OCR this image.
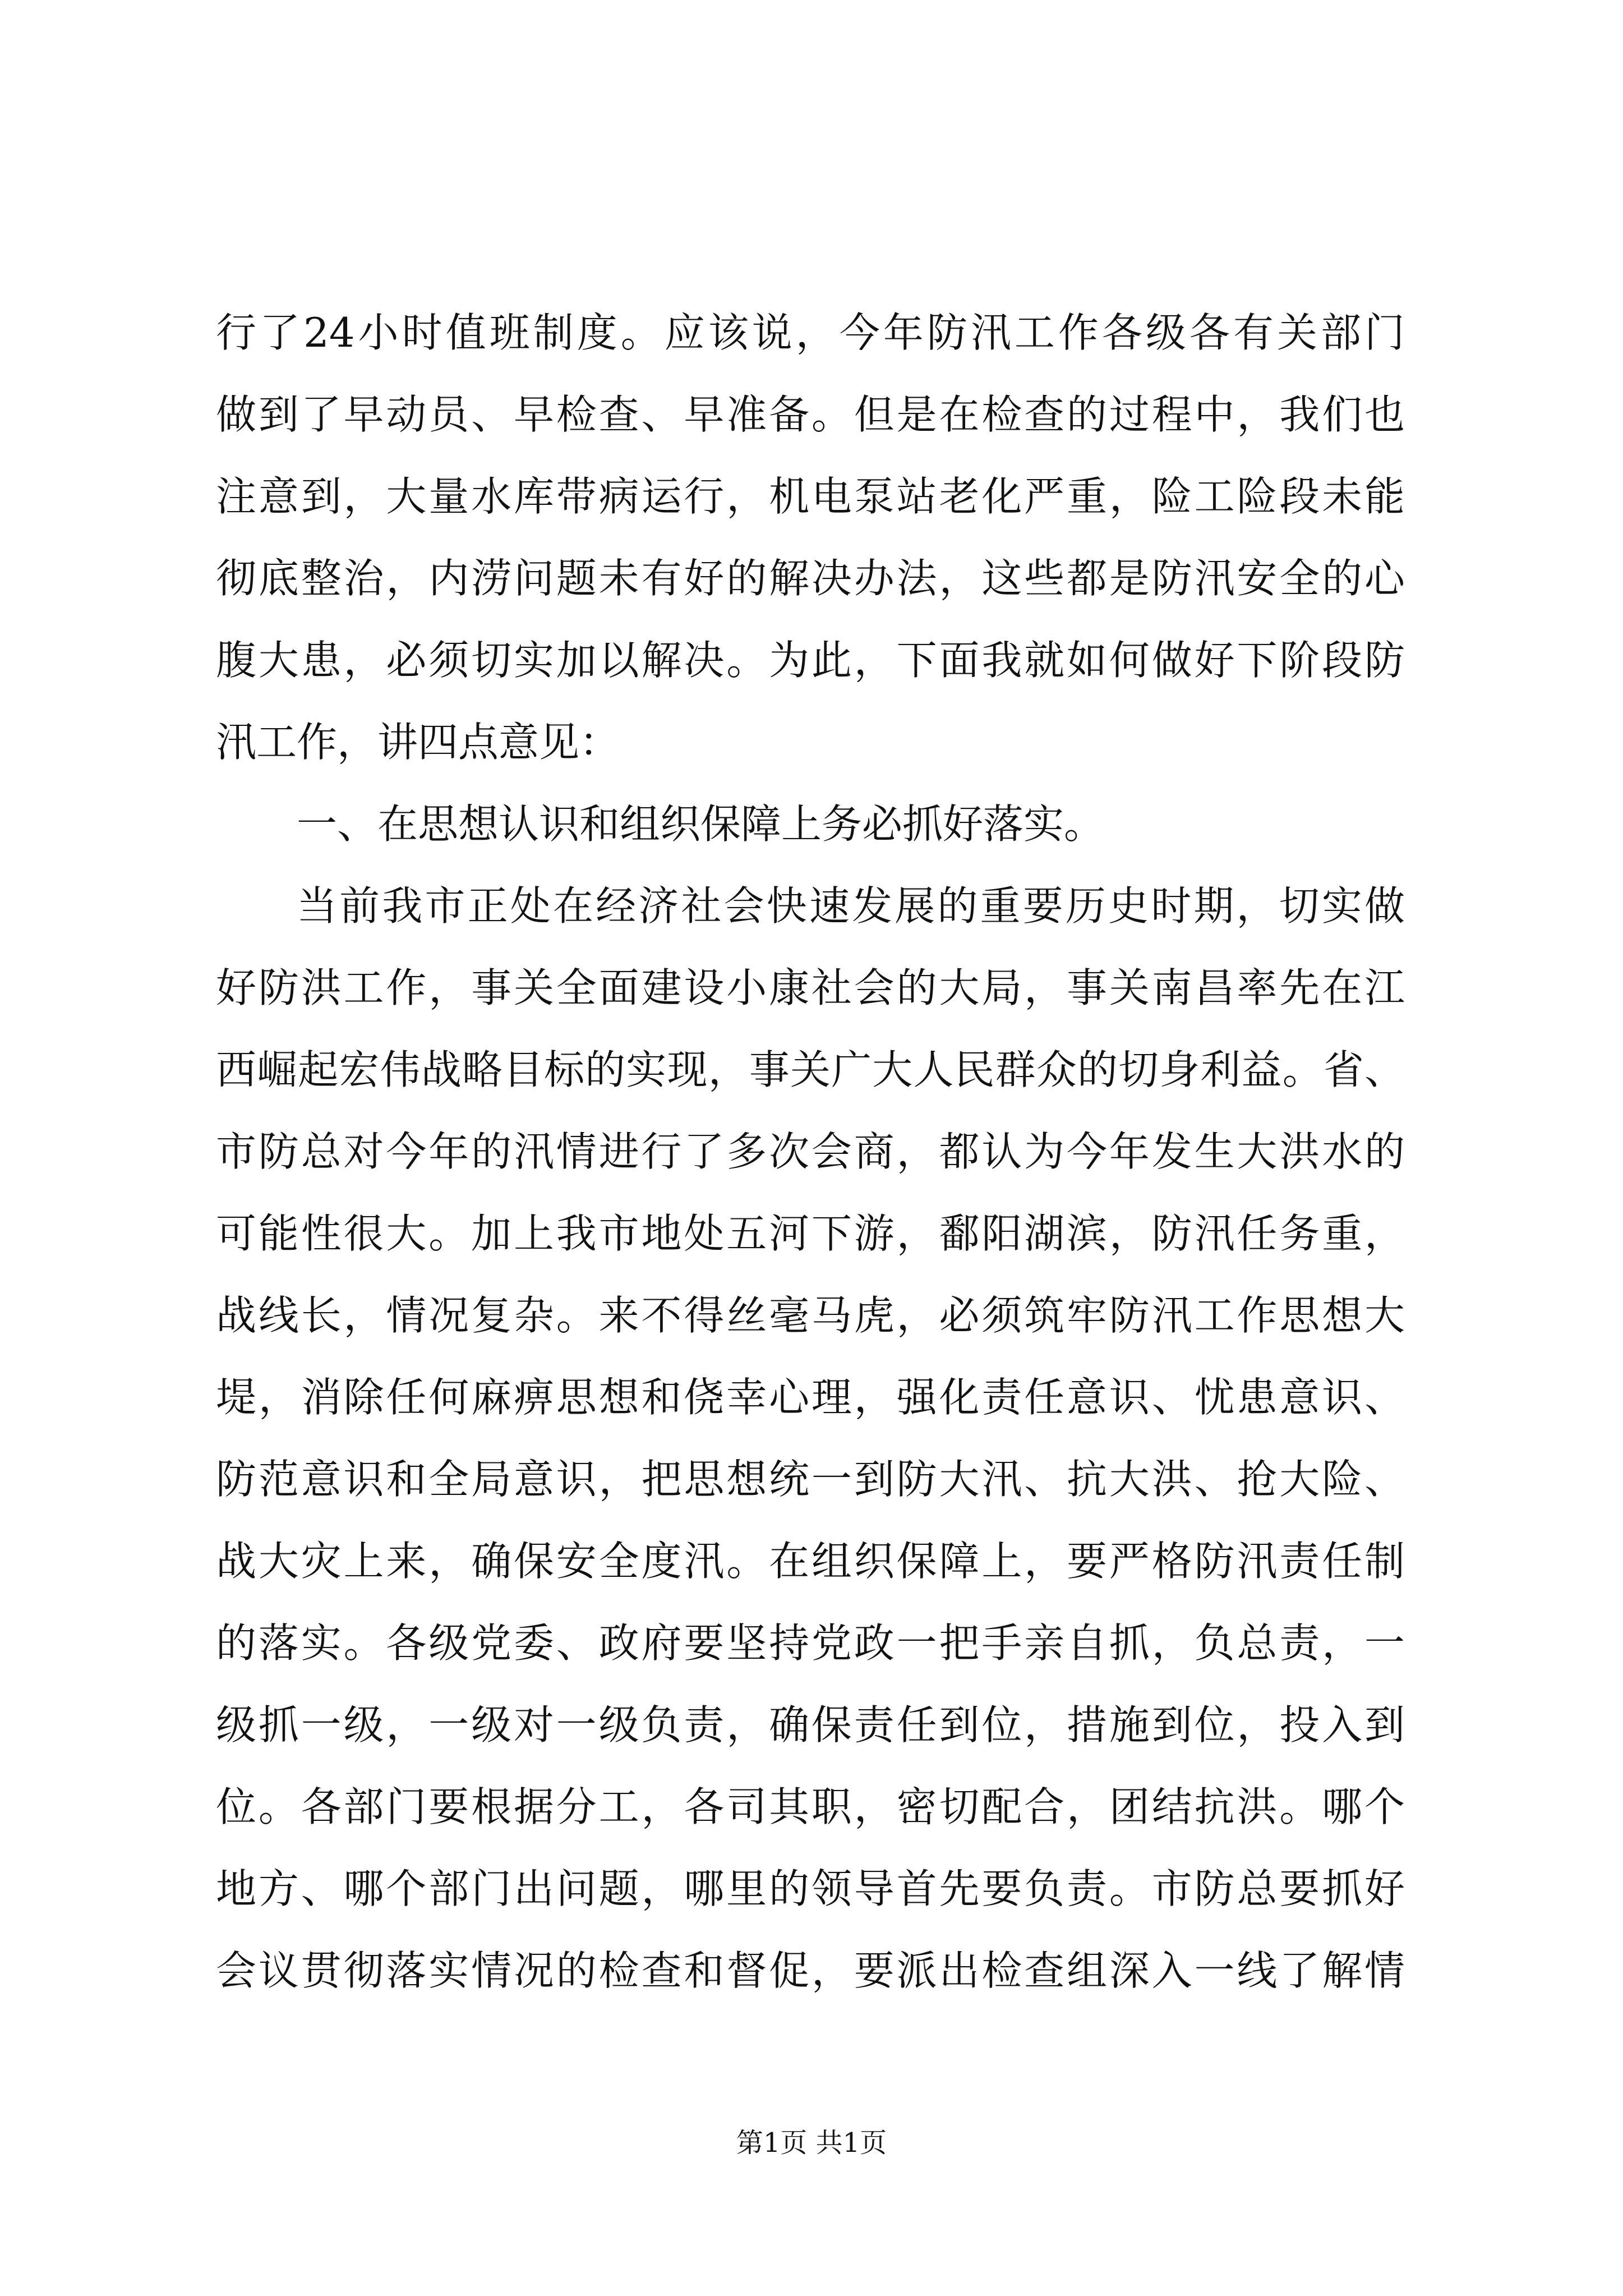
行了24小时值班制度。应该说，今年防汛工作各级各有关部门
做到了早动员、早检查、早准备。但是在检查的过程中，我们也
注意到，大量水库带病运行，机电泵站老化严重，险工险段未能
彻底整治，内涝问题未有好的解决办法，这些都是防汛安全的心
腹大患，必须切实加以解决。为此，下面我就如何做好下阶段防
汛工作，讲四点意见：
一、在思想认识和组织保障上务必抓好落实。
当前我市正处在经济社会快速发展的重要历史时期，切实做
好防洪工作，事关全面建设小康社会的大局，事关南昌率先在江
西崛起宏伟战略目标的实现，事关广大人民群众的切身利益。省、
市防总对今年的汛情进行了多次会商，都认为今年发生大洪水的
可能性很大。加上我市地处五河下游，鄱阳湖滨，防汛任务重，
战线长，情况复杂。来不得丝毫马虎，必须筑牢防汛工作思想大
堤，消除任何麻痹思想和侥幸心理，强化责任意识、忧患意识、
防范意识和全局意识，把思想统一到防大汛、抗大洪、抢大险、
战大灾上来，确保安全度汛。在组织保障上，要严格防汛责任制
的落实。各级党委、政府要坚持党政一把手亲自抓，负总责，一
级抓一级，一级对一级负责，确保责任到位，措施到位，投入到
位。各部门要根据分工，各司其职，密切配合，团结抗洪。哪个
地方、哪个部门出问题，哪里的领导首先要负责。市防总要抓好
会议贯彻落实情况的检查和督促，要派出检查组深入一线了解情
第1页 共1页
